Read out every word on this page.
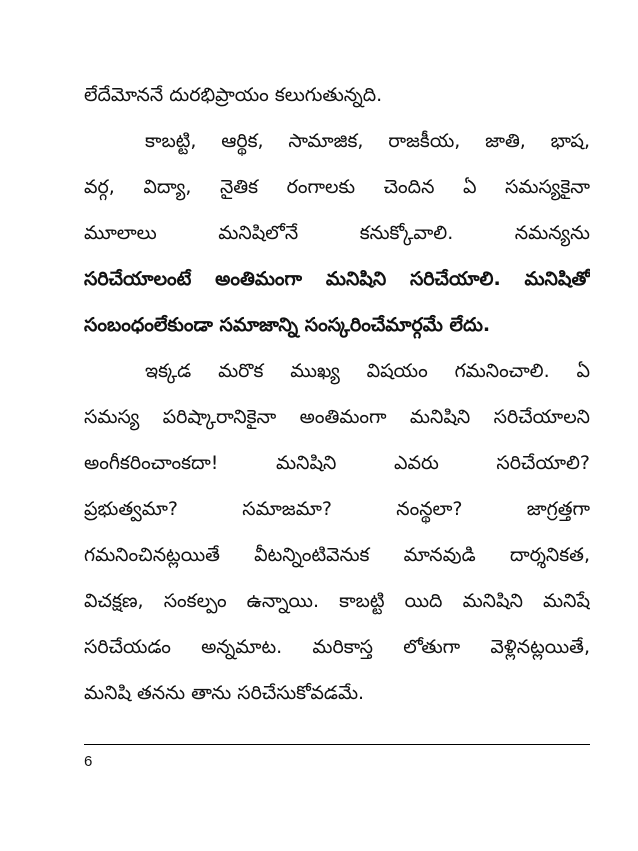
లేదేమోననే దురభిప్రాయం కలుగుతున్నది.
కాబట్టి, ఆర్థిక, సామాజిక, రాజకీయ, జాతి, భాష,
వర్గ, విద్యా, నైతిక రంగాలకు చెందిన ఏ సమస్యకైనా
మూలాలు మనిషిలోనే కనుక్కోవాలి. నమన్యను
సరిచేయాలంటే అంతిమంగా మనిషిని సరిచేయాలి. మనిషితో
సంబంధంలేకుండా సమాజాన్ని సంస్కరించేమార్గమే లేదు.
ఇక్కడ మరొక ముఖ్య విషయం గమనించాలి. ఏ
సమస్య పరిష్కారానికైనా అంతిమంగా మనిషిని సరిచేయాలని
అంగీకరించాంకదా! మనిషిని ఎవరు సరిచేయాలి?
ప్రభుత్వమా? సమాజమా? నంన్థలా? జాగ్రత్తగా
గమనించినట్లయితే వీటన్నింటివెనుక మానవుడి దార్శనికత,
విచక్షణ, సంకల్పం ఉన్నాయి. కాబట్టి యిది మనిషిని మనిషే
సరిచేయడం అన్నమాట. మరికాస్త లోతుగా వెళ్లినట్లయితే,
మనిషి తనను తాను సరిచేసుకోవడమే.
6
